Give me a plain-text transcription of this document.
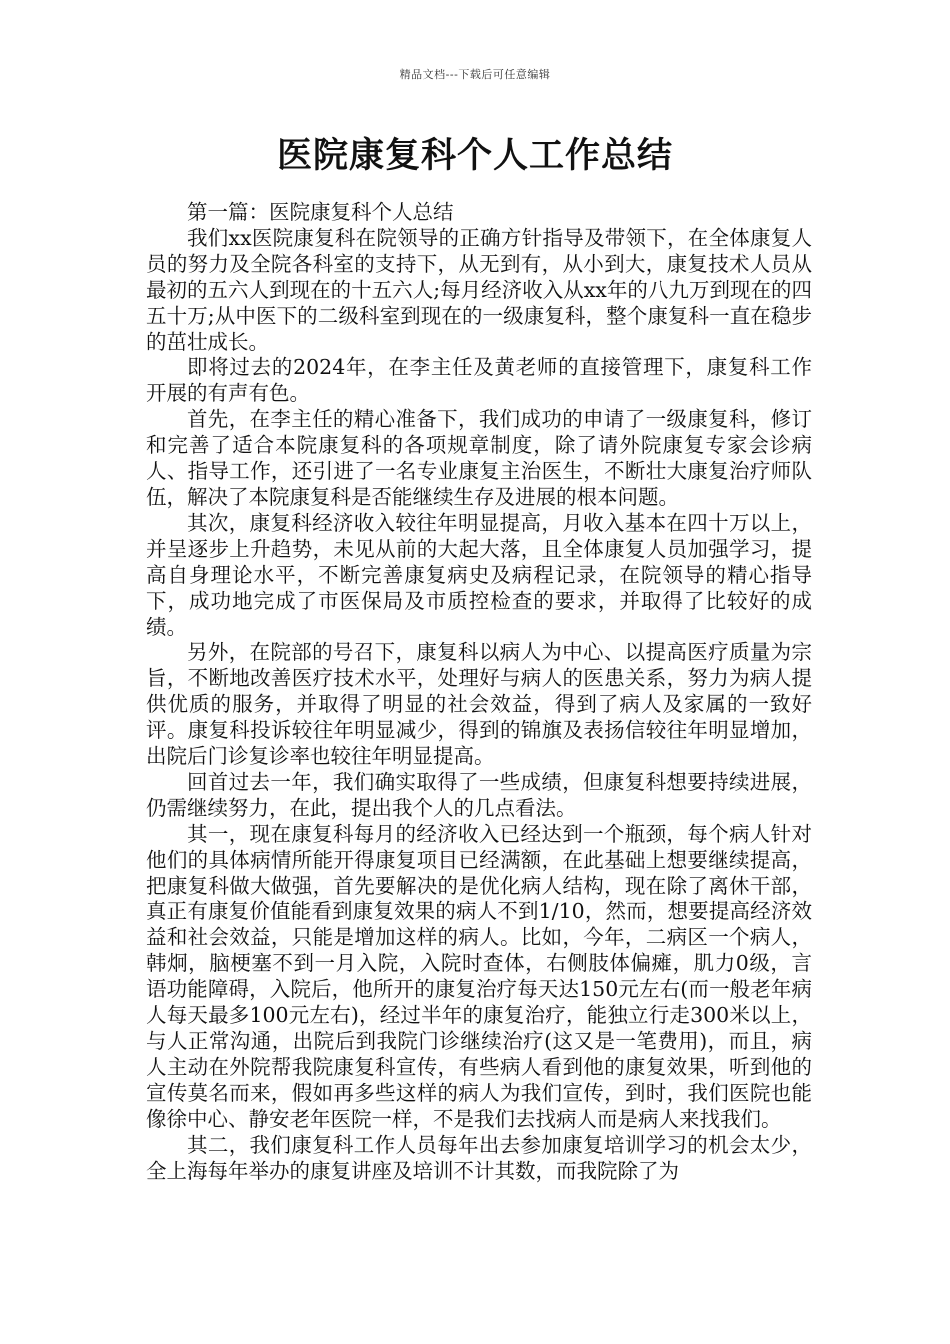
精品文档---下载后可任意编辑
医院康复科个人工作总结

第一篇：医院康复科个人总结

我们xx医院康复科在院领导的正确方针指导及带领下，在全体康复人员的努力及全院各科室的支持下，从无到有，从小到大，康复技术人员从最初的五六人到现在的十五六人;每月经济收入从xx年的八九万到现在的四五十万;从中医下的二级科室到现在的一级康复科，整个康复科一直在稳步的茁壮成长。

即将过去的2024年，在李主任及黄老师的直接管理下，康复科工作开展的有声有色。

首先，在李主任的精心准备下，我们成功的申请了一级康复科，修订和完善了适合本院康复科的各项规章制度，除了请外院康复专家会诊病人、指导工作，还引进了一名专业康复主治医生，不断壮大康复治疗师队伍，解决了本院康复科是否能继续生存及进展的根本问题。

其次，康复科经济收入较往年明显提高，月收入基本在四十万以上，并呈逐步上升趋势，未见从前的大起大落，且全体康复人员加强学习，提高自身理论水平，不断完善康复病史及病程记录，在院领导的精心指导下，成功地完成了市医保局及市质控检查的要求，并取得了比较好的成绩。

另外，在院部的号召下，康复科以病人为中心、以提高医疗质量为宗旨，不断地改善医疗技术水平，处理好与病人的医患关系，努力为病人提供优质的服务，并取得了明显的社会效益，得到了病人及家属的一致好评。康复科投诉较往年明显减少，得到的锦旗及表扬信较往年明显增加，出院后门诊复诊率也较往年明显提高。

回首过去一年，我们确实取得了一些成绩，但康复科想要持续进展，仍需继续努力，在此，提出我个人的几点看法。

其一，现在康复科每月的经济收入已经达到一个瓶颈，每个病人针对他们的具体病情所能开得康复项目已经满额，在此基础上想要继续提高，把康复科做大做强，首先要解决的是优化病人结构，现在除了离休干部，真正有康复价值能看到康复效果的病人不到1/10，然而，想要提高经济效益和社会效益，只能是增加这样的病人。比如，今年，二病区一个病人，韩炯，脑梗塞不到一月入院，入院时查体，右侧肢体偏瘫，肌力0级，言语功能障碍，入院后，他所开的康复治疗每天达150元左右(而一般老年病人每天最多100元左右)，经过半年的康复治疗，能独立行走300米以上，与人正常沟通，出院后到我院门诊继续治疗(这又是一笔费用)，而且，病人主动在外院帮我院康复科宣传，有些病人看到他的康复效果，听到他的宣传莫名而来，假如再多些这样的病人为我们宣传，到时，我们医院也能像徐中心、静安老年医院一样，不是我们去找病人而是病人来找我们。

其二，我们康复科工作人员每年出去参加康复培训学习的机会太少，全上海每年举办的康复讲座及培训不计其数，而我院除了为
